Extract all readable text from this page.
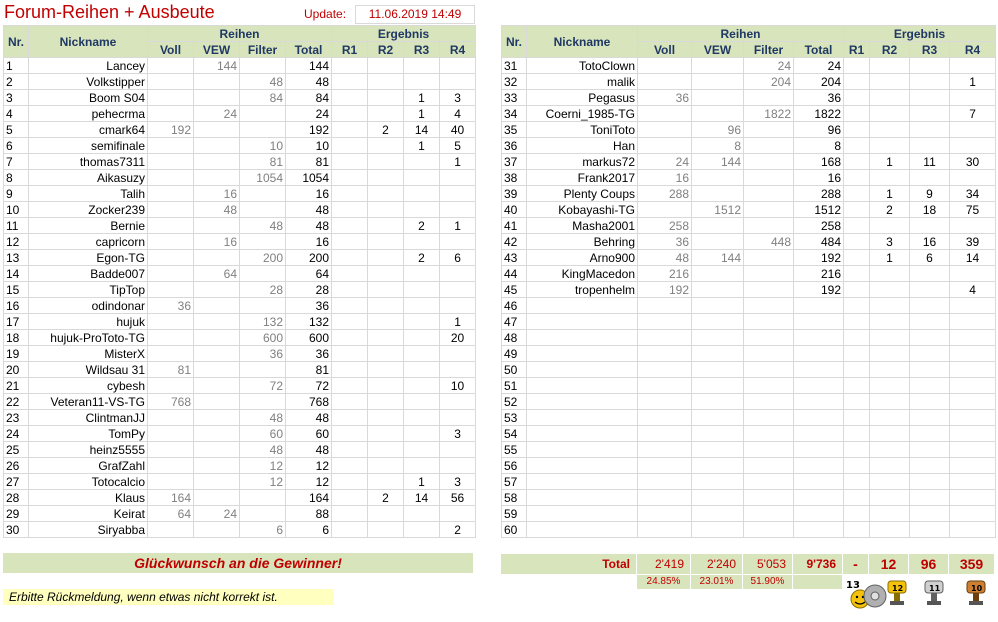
Forum-Reihen + Ausbeute	Update:	11.06.2019 14:49
Nr.	Nickname	Reihen				Ergebnis			
		Voll	VEW	Filter	Total	R1	R2	R3	R4
1	Lancey		144		144				
2	Volkstipper			48	48				
3	Boom S04			84	84			1	3
4	pehecrma		24		24			1	4
5	cmark64	192			192		2	14	40
6	semifinale			10	10			1	5
7	thomas7311			81	81				1
8	Aikasuzy			1054	1054				
9	Talih		16		16				
10	Zocker239		48		48				
11	Bernie			48	48			2	1
12	capricorn		16		16				
13	Egon-TG			200	200			2	6
14	Badde007		64		64				
15	TipTop			28	28				
16	odindonar	36			36				
17	hujuk			132	132				1
18	hujuk-ProToto-TG			600	600				20
19	MisterX			36	36				
20	Wildsau 31	81			81				
21	cybesh			72	72				10
22	Veteran11-VS-TG	768			768				
23	ClintmanJJ			48	48				
24	TomPy			60	60				3
25	heinz5555			48	48				
26	GrafZahl			12	12				
27	Totocalcio			12	12			1	3
28	Klaus	164			164		2	14	56
29	Keirat	64	24		88				
30	Siryabba			6	6				2
Nr.	Nickname	Reihen				Ergebnis			
		Voll	VEW	Filter	Total	R1	R2	R3	R4
31	TotoClown			24	24				
32	malik			204	204				1
33	Pegasus	36			36				
34	Coerni_1985-TG			1822	1822				7
35	ToniToto		96		96				
36	Han		8		8				
37	markus72	24	144		168		1	11	30
38	Frank2017	16			16				
39	Plenty Coups	288			288		1	9	34
40	Kobayashi-TG		1512		1512		2	18	75
41	Masha2001	258			258				
42	Behring	36		448	484		3	16	39
43	Arno900	48	144		192		1	6	14
44	KingMacedon	216			216				
45	tropenhelm	192			192				4
46									
47									
48									
49									
50									
51									
52									
53									
54									
55									
56									
57									
58									
59									
60									
Glückwunsch an die Gewinner!
Erbitte Rückmeldung, wenn etwas nicht korrekt ist.
Total	2'419	2'240	5'053	9'736	-	12	96	359
24.85%	23.01%	51.90%	13	12	11	10
